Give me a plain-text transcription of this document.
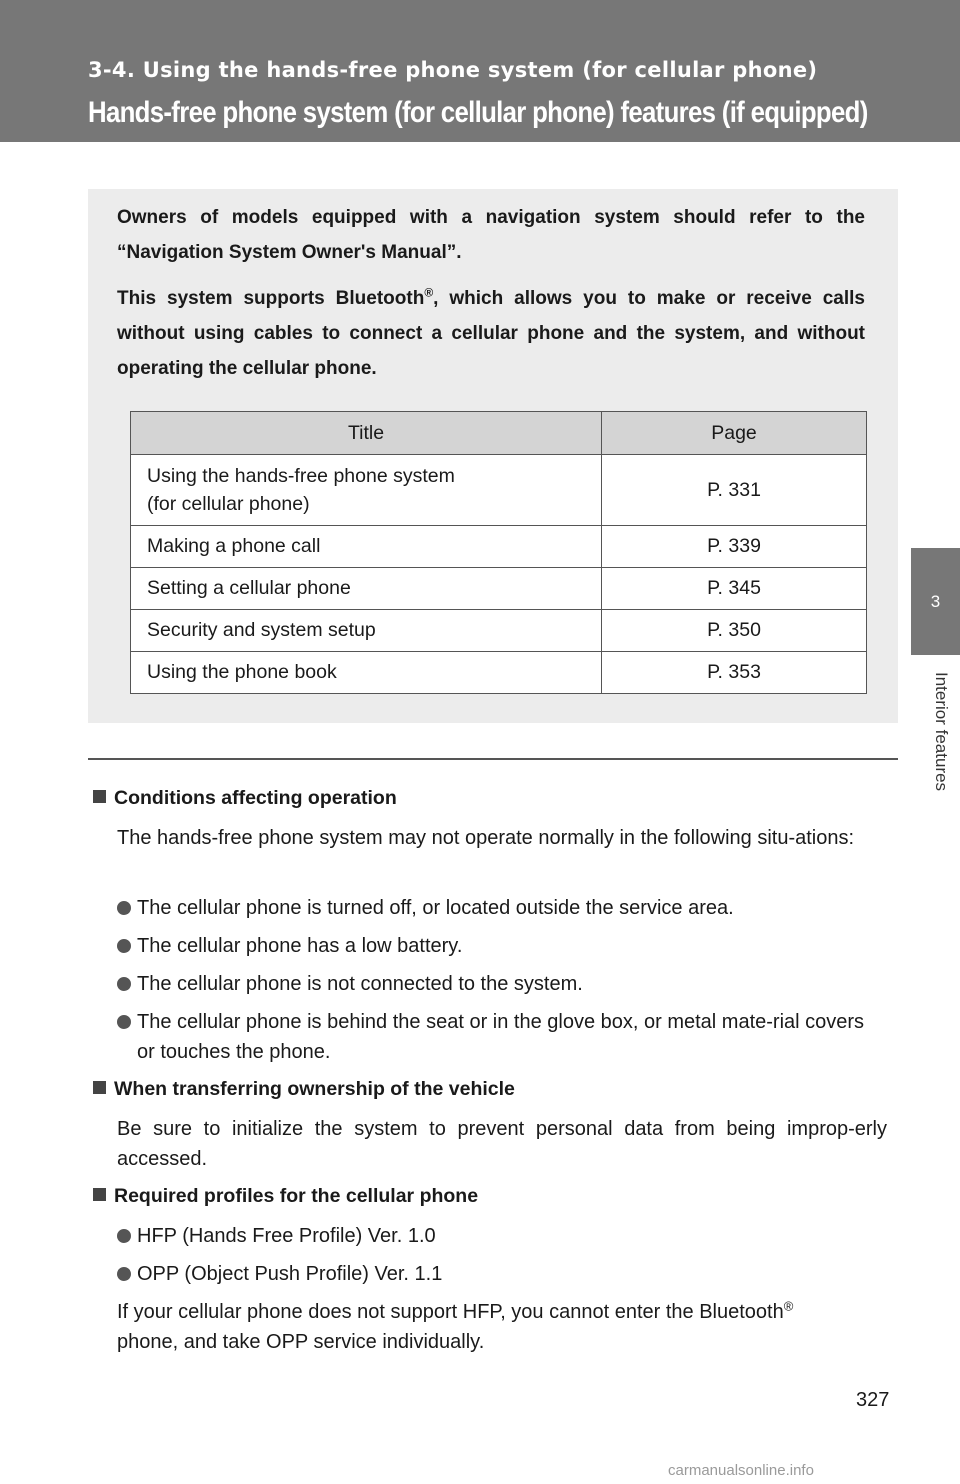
3-4. Using the hands-free phone system (for cellular phone)
Hands-free phone system (for cellular phone) features (if equipped)
3
Interior features

Owners of models equipped with a navigation system should refer to the “Navigation System Owner's Manual”.

This system supports Bluetooth®, which allows you to make or receive calls without using cables to connect a cellular phone and the system, and without operating the cellular phone.

Title	Page
Using the hands-free phone system
(for cellular phone)	P. 331
Making a phone call	P. 339
Setting a cellular phone	P. 345
Security and system setup	P. 350
Using the phone book	P. 353
Conditions affecting operation
The hands-free phone system may not operate normally in the following situ-ations:
The cellular phone is turned off, or located outside the service area.
The cellular phone has a low battery.
The cellular phone is not connected to the system.
The cellular phone is behind the seat or in the glove box, or metal mate-rial covers or touches the phone.
When transferring ownership of the vehicle
Be sure to initialize the system to prevent personal data from being improp-erly accessed.
Required profiles for the cellular phone
HFP (Hands Free Profile) Ver. 1.0
OPP (Object Push Profile) Ver. 1.1
If your cellular phone does not support HFP, you cannot enter the Bluetooth®
phone, and take OPP service individually.
327
carmanualsonline.info
